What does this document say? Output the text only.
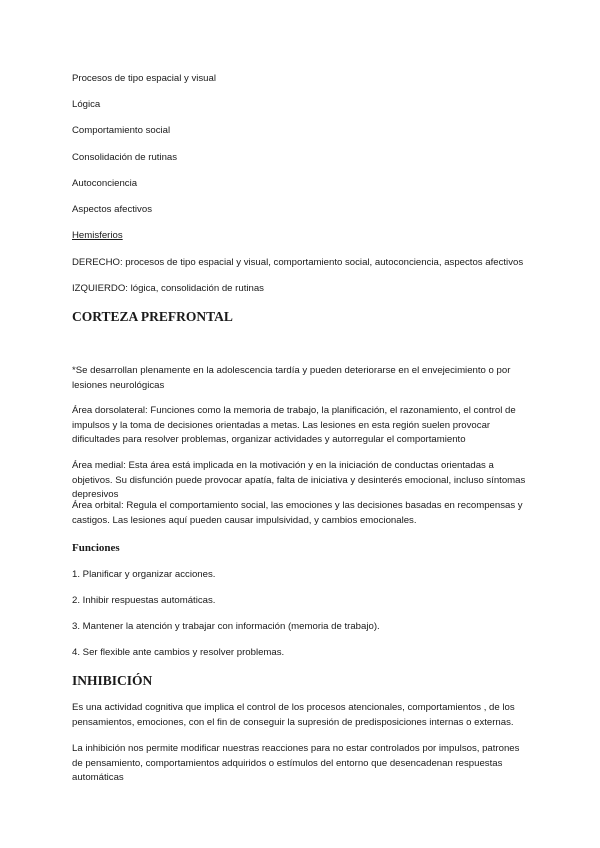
Procesos de tipo espacial y visual
Lógica
Comportamiento social
Consolidación de rutinas
Autoconciencia
Aspectos afectivos
Hemisferios
DERECHO: procesos de tipo espacial y visual, comportamiento social, autoconciencia, aspectos afectivos
IZQUIERDO: lógica, consolidación de rutinas
CORTEZA PREFRONTAL
*Se desarrollan plenamente en la adolescencia tardía y pueden deteriorarse en el envejecimiento o por lesiones neurológicas
Área dorsolateral: Funciones como la memoria de trabajo, la planificación, el razonamiento, el control de impulsos y la toma de decisiones orientadas a metas. Las lesiones en esta región suelen provocar dificultades para resolver problemas, organizar actividades y autorregular el comportamiento
Área medial: Esta área está implicada en la motivación y en la iniciación de conductas orientadas a objetivos. Su disfunción puede provocar apatía, falta de iniciativa y desinterés emocional, incluso síntomas depresivos
Área orbital: Regula el comportamiento social, las emociones y las decisiones basadas en recompensas y castigos. Las lesiones aquí pueden causar impulsividad, y cambios emocionales.
Funciones
1. Planificar y organizar acciones.
2. Inhibir respuestas automáticas.
3. Mantener la atención y trabajar con información (memoria de trabajo).
4. Ser flexible ante cambios y resolver problemas.
INHIBICIÓN
Es una actividad cognitiva que implica el control de los procesos atencionales, comportamientos , de los pensamientos, emociones, con el fin de conseguir la supresión de predisposiciones internas o externas.
La inhibición nos permite modificar nuestras reacciones para no estar controlados por impulsos, patrones de pensamiento, comportamientos adquiridos o estímulos del entorno que desencadenan respuestas automáticas
